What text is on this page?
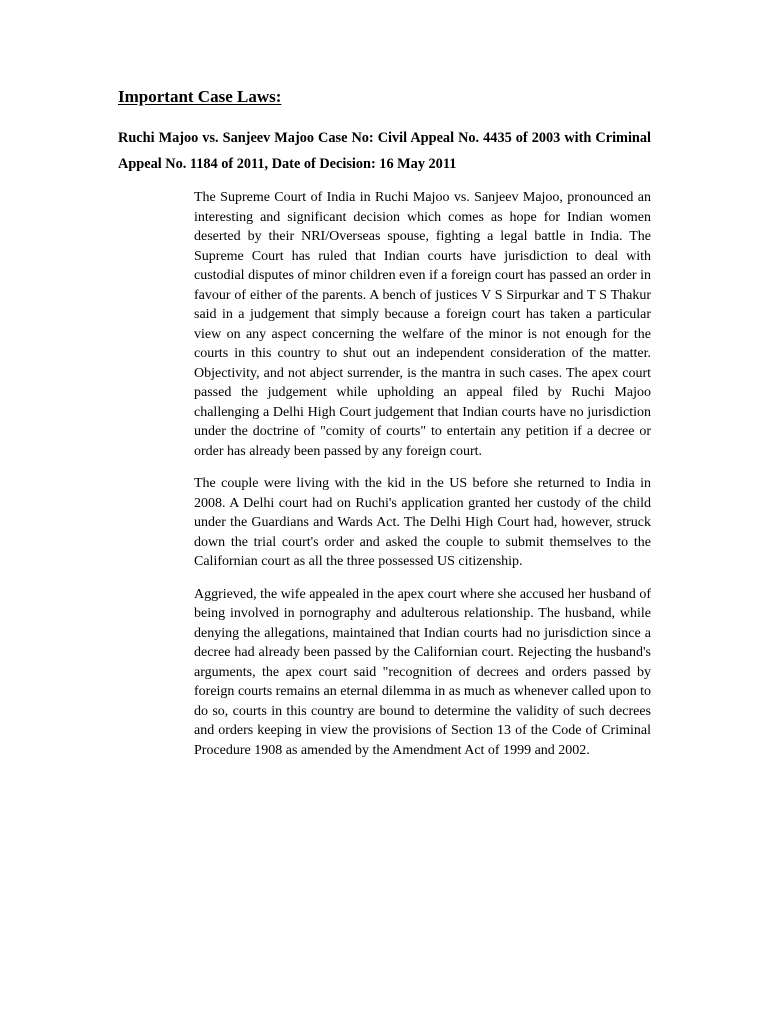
Important Case Laws:

Ruchi Majoo vs. Sanjeev Majoo Case No: Civil Appeal No. 4435 of 2003 with Criminal Appeal No. 1184 of 2011, Date of Decision: 16 May 2011

The Supreme Court of India in Ruchi Majoo vs. Sanjeev Majoo, pronounced an interesting and significant decision which comes as hope for Indian women deserted by their NRI/Overseas spouse, fighting a legal battle in India. The Supreme Court has ruled that Indian courts have jurisdiction to deal with custodial disputes of minor children even if a foreign court has passed an order in favour of either of the parents. A bench of justices V S Sirpurkar and T S Thakur said in a judgement that simply because a foreign court has taken a particular view on any aspect concerning the welfare of the minor is not enough for the courts in this country to shut out an independent consideration of the matter. Objectivity, and not abject surrender, is the mantra in such cases. The apex court passed the judgement while upholding an appeal filed by Ruchi Majoo challenging a Delhi High Court judgement that Indian courts have no jurisdiction under the doctrine of "comity of courts" to entertain any petition if a decree or order has already been passed by any foreign court.

The couple were living with the kid in the US before she returned to India in 2008. A Delhi court had on Ruchi's application granted her custody of the child under the Guardians and Wards Act. The Delhi High Court had, however, struck down the trial court's order and asked the couple to submit themselves to the Californian court as all the three possessed US citizenship.

Aggrieved, the wife appealed in the apex court where she accused her husband of being involved in pornography and adulterous relationship. The husband, while denying the allegations, maintained that Indian courts had no jurisdiction since a decree had already been passed by the Californian court. Rejecting the husband's arguments, the apex court said "recognition of decrees and orders passed by foreign courts remains an eternal dilemma in as much as whenever called upon to do so, courts in this country are bound to determine the validity of such decrees and orders keeping in view the provisions of Section 13 of the Code of Criminal Procedure 1908 as amended by the Amendment Act of 1999 and 2002.
